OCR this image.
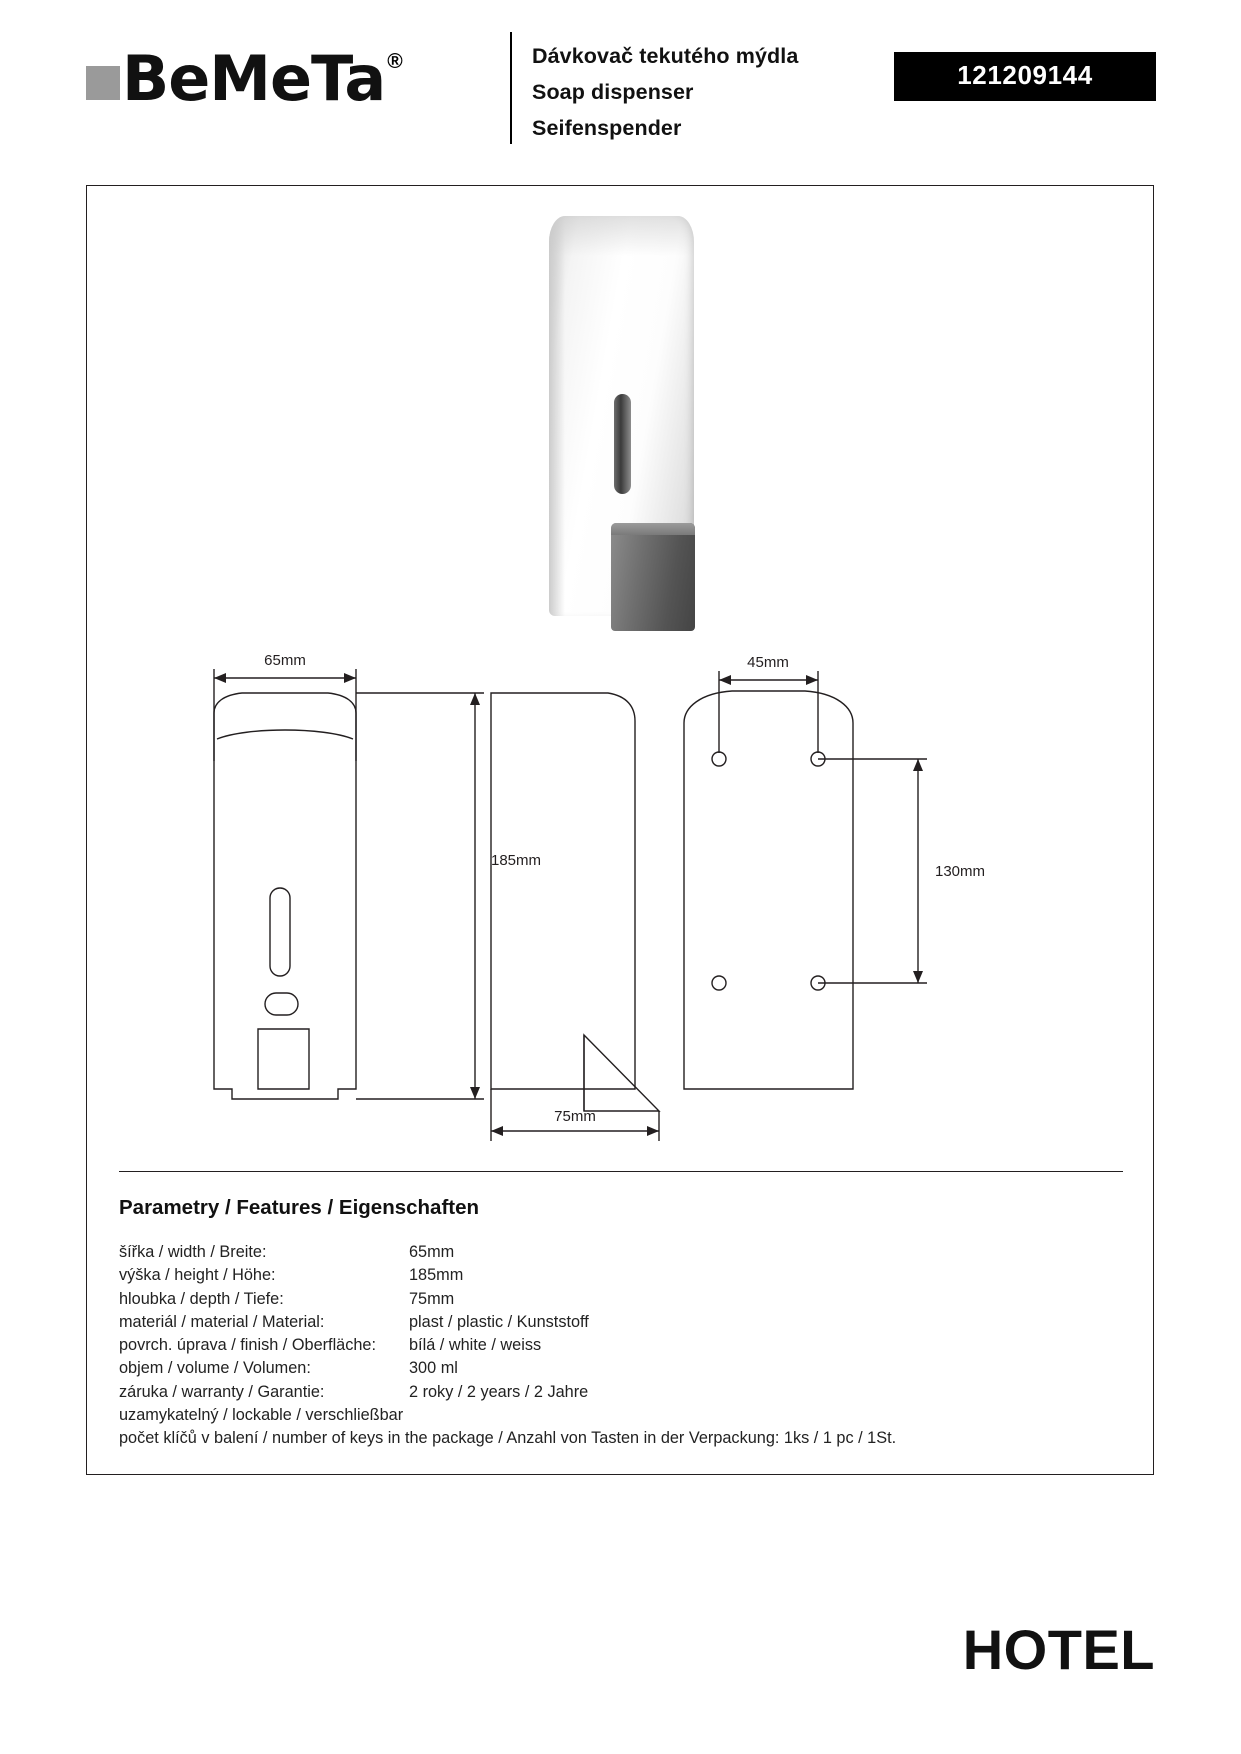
BeMeTa ®	Dávkovač tekutého mýdla
Soap dispenser
Seifenspender
121209144
65mm
185mm
75mm
45mm
130mm
Parametry / Features / Eigenschaften
šířka / width / Breite:	65mm
výška / height / Höhe:	185mm
hloubka / depth / Tiefe:	75mm
materiál / material / Material:	plast / plastic / Kunststoff
povrch. úprava / finish / Oberfläche:	bílá / white / weiss
objem / volume / Volumen:	300 ml
záruka / warranty / Garantie:	2 roky / 2 years / 2 Jahre
uzamykatelný / lockable / verschließbar
počet klíčů v balení / number of keys in the package / Anzahl von Tasten in der Verpackung: 1ks / 1 pc / 1St.
HOTEL
